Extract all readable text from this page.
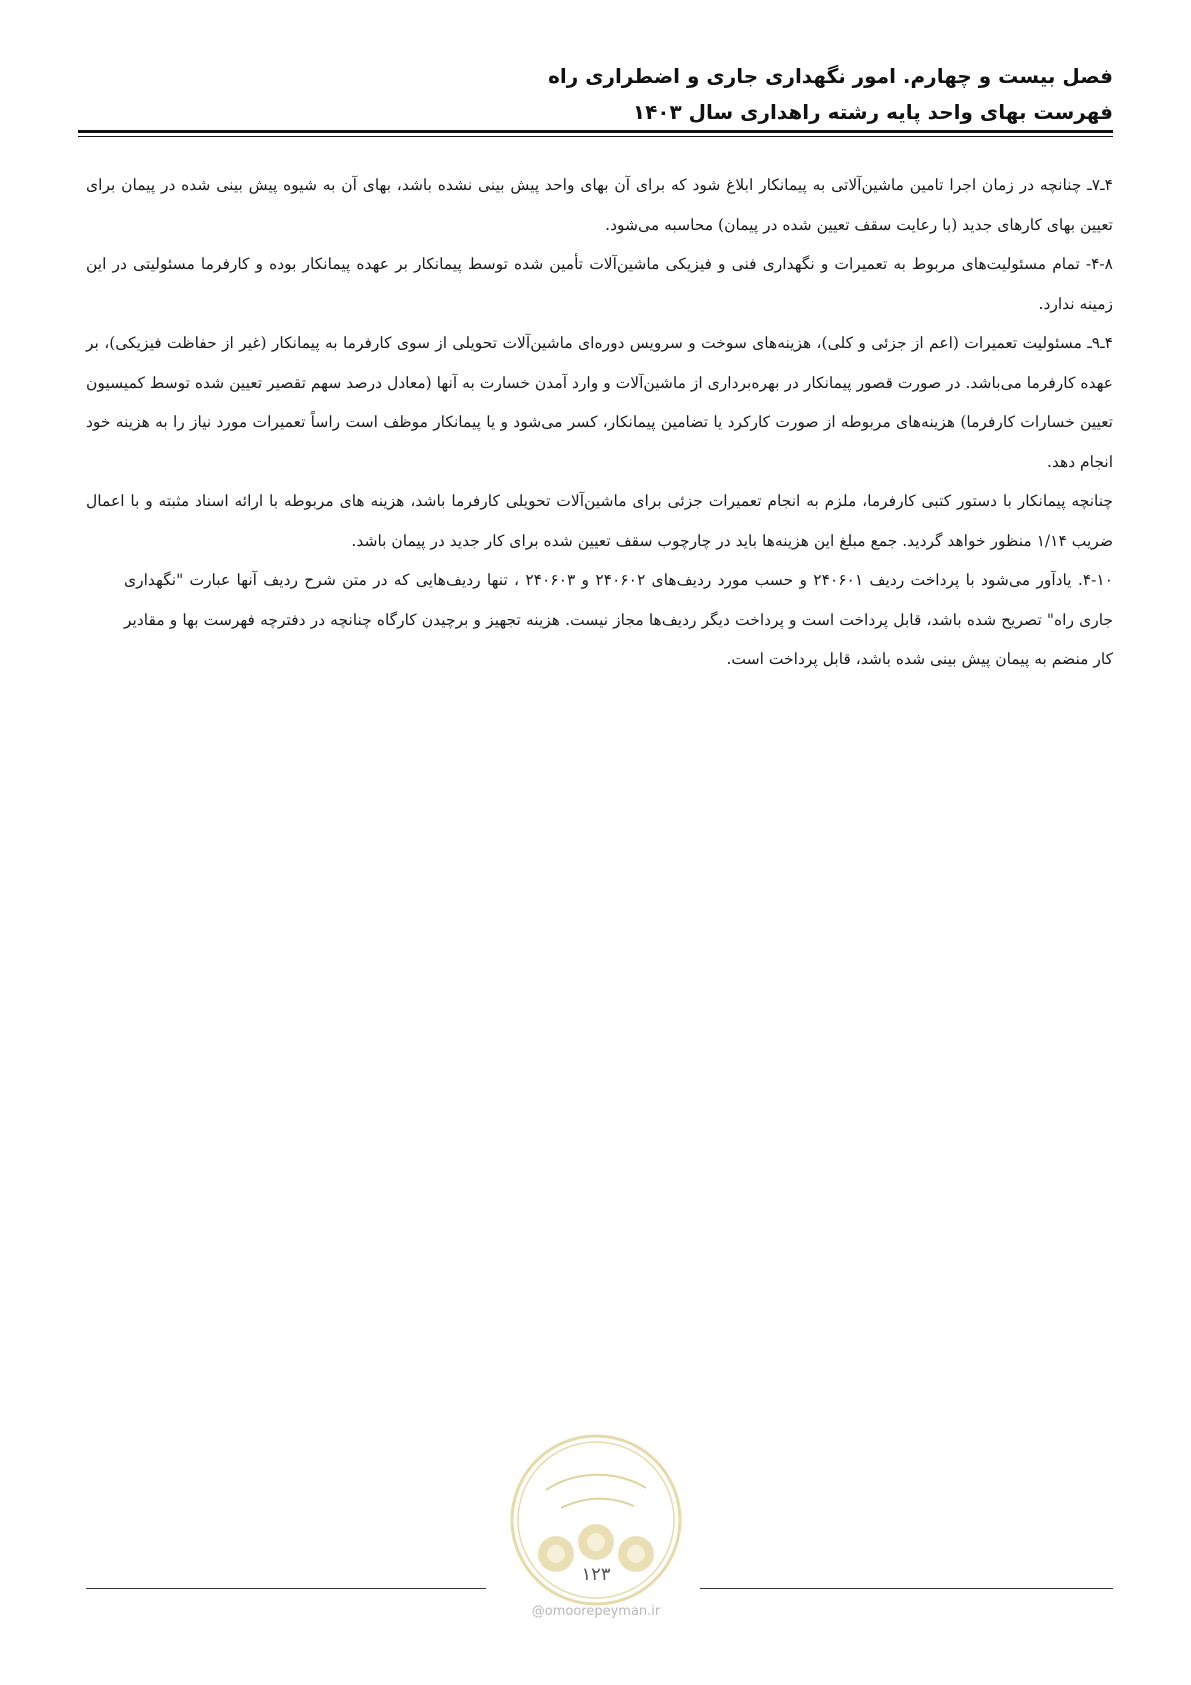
فصل بیست و چهارم. امور نگهداری جاری و اضطراری راه
فهرست بهای واحد پایه رشته راهداری سال ۱۴۰۳

۴ـ۷ـ چنانچه در زمان اجرا تامین ماشین‌آلاتی به پیمانکار ابلاغ شود که برای آن بهای واحد پیش بینی نشده باشد، بهای آن به شیوه پیش بینی شده در پیمان برای تعیین بهای کارهای جدید (با رعایت سقف تعیین شده در پیمان) محاسبه می‌شود.

۴-۸- تمام مسئولیت‌های مربوط به تعمیرات و نگهداری فنی و فیزیکی ماشین‌آلات تأمین شده توسط پیمانکار بر عهده پیمانکار بوده و کارفرما مسئولیتی در این زمینه ندارد.

۴ـ۹ـ مسئولیت تعمیرات (اعم از جزئی و کلی)، هزینه‌های سوخت و سرویس دوره‌ای ماشین‌آلات تحویلی از سوی کارفرما به پیمانکار (غیر از حفاظت فیزیکی)، بر عهده کارفرما می‌باشد. در صورت قصور پیمانکار در بهره‌برداری از ماشین‌آلات و وارد آمدن خسارت به آنها (معادل درصد سهم تقصیر تعیین شده توسط کمیسیون تعیین خسارات کارفرما) هزینه‌های مربوطه از صورت کارکرد یا تضامین پیمانکار، کسر می‌شود و یا پیمانکار موظف است راساً تعمیرات مورد نیاز را به هزینه خود انجام دهد.

چنانچه پیمانکار با دستور کتبی کارفرما، ملزم به انجام تعمیرات جزئی برای ماشین‌آلات تحویلی کارفرما باشد، هزینه های مربوطه با ارائه اسناد مثبته و با اعمال ضریب ۱/۱۴ منظور خواهد گردید. جمع مبلغ این هزینه‌ها باید در چارچوب سقف تعیین شده برای کار جدید در پیمان باشد.

۴-۱۰. یادآور می‌شود با پرداخت ردیف ۲۴۰۶۰۱ و حسب مورد ردیف‌های ۲۴۰۶۰۲ و ۲۴۰۶۰۳ ، تنها ردیف‌هایی که در متن شرح ردیف آنها عبارت "نگهداری جاری راه" تصریح شده باشد، قابل پرداخت است و پرداخت دیگر ردیف‌ها مجاز نیست. هزینه تجهیز و برچیدن کارگاه چنانچه در دفترچه فهرست بها و مقادیر کار منضم به پیمان پیش بینی شده باشد، قابل پرداخت است.

۱۲۳
@omoorepeyman.ir
